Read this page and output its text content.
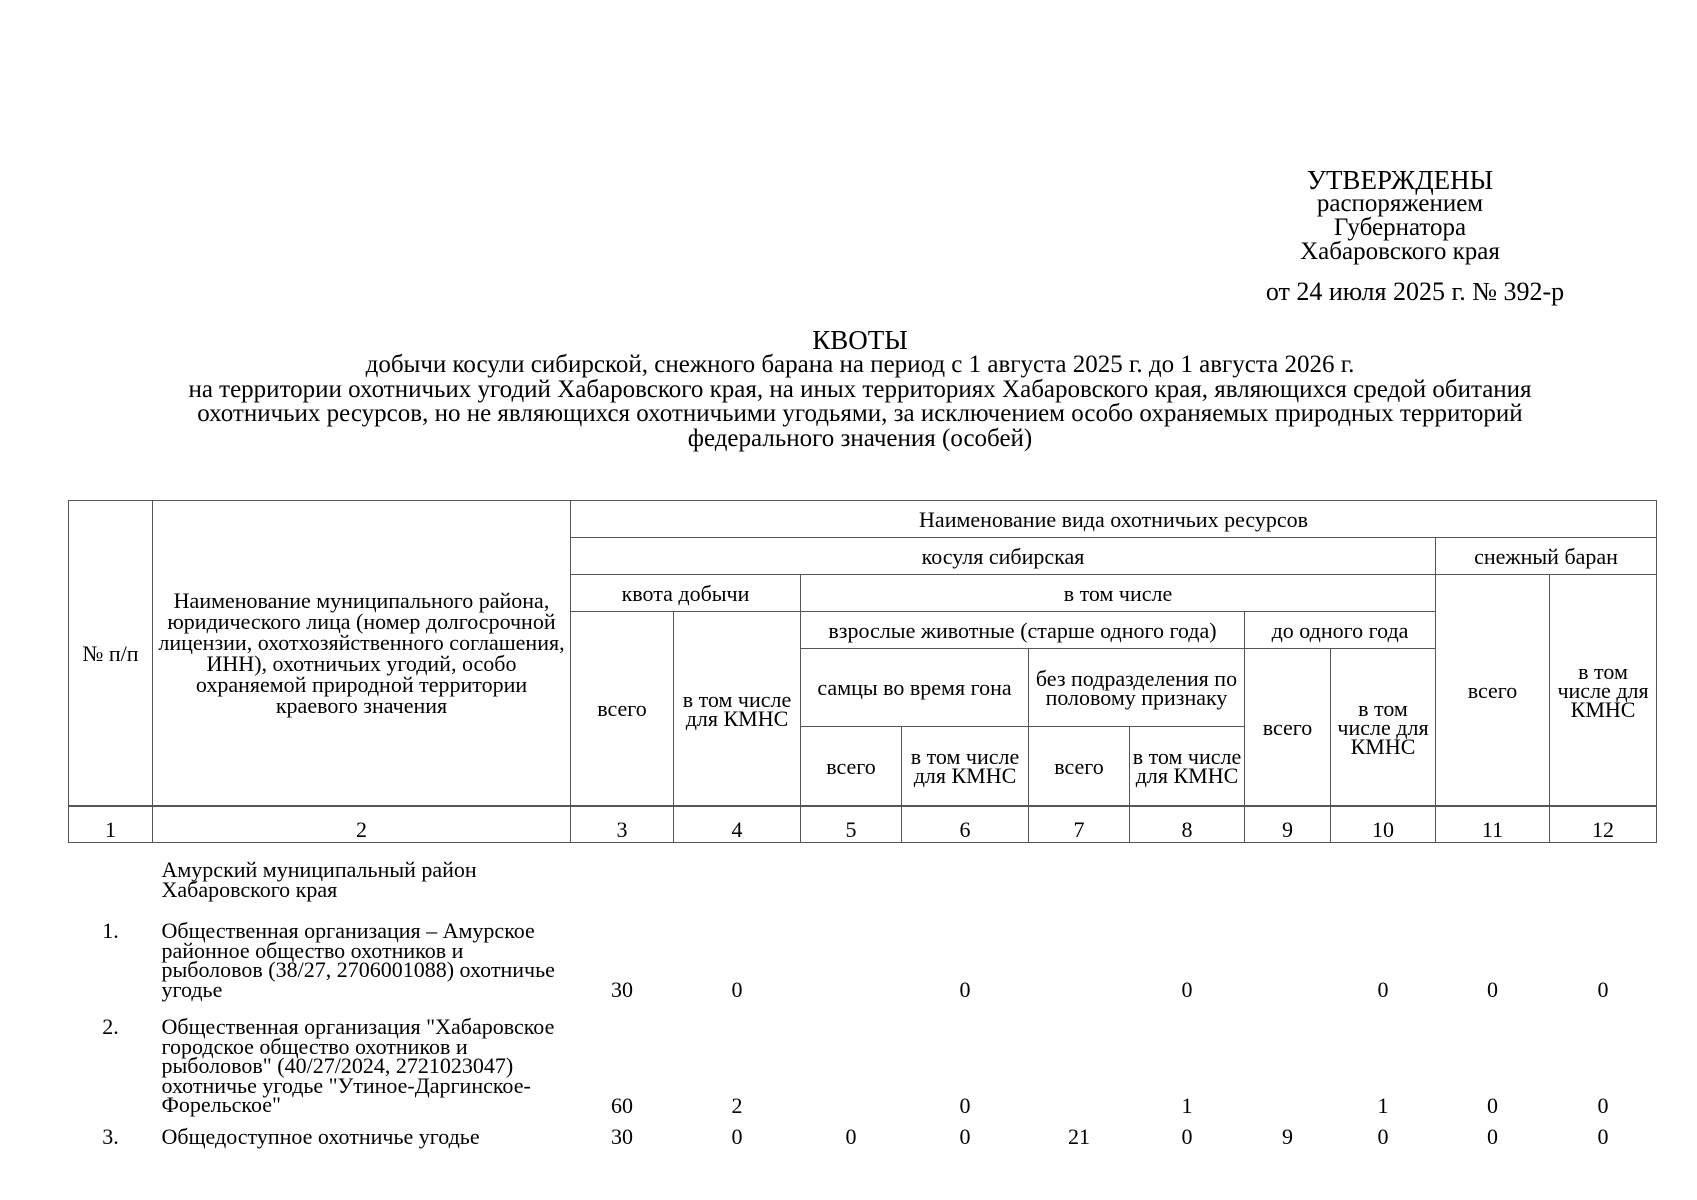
УТВЕРЖДЕНЫ
распоряжением
Губернатора
Хабаровского края
от 24 июля 2025 г. № 392-р
КВОТЫ
добычи косули сибирской, снежного барана на период с 1 августа 2025 г. до 1 августа 2026 г.
на территории охотничьих угодий Хабаровского края, на иных территориях Хабаровского края, являющихся средой обитания
охотничьих ресурсов, но не являющихся охотничьими угодьями, за исключением особо охраняемых природных территорий
федерального значения (особей)
№ п/п	Наименование муниципального района, юридического лица (номер долгосрочной лицензии, охотхозяйственного соглашения, ИНН), охотничьих угодий, особо охраняемой природной территории краевого значения	Наименование вида охотничьих ресурсов									
		косуля сибирская								снежный баран	
		квота добычи		в том числе						всего	в том числе для КМНС
		всего	в том числе для КМНС	взрослые животные (старше одного года)				до одного года			
				самцы во время гона		без подразделения по половому признаку		всего	в том числе для КМНС		
				всего	в том числе для КМНС	всего	в том числе для КМНС				
1	2	3	4	5	6	7	8	9	10	11	12
	Амурский муниципальный район Хабаровского края										
1.	Общественная организация – Амурское районное общество охотников и рыболовов (38/27, 2706001088) охотничье угодье	30	0		0		0		0	0	0
2.	Общественная организация "Хабаровское городское общество охотников и рыболовов" (40/27/2024, 2721023047) охотничье угодье "Утиное-Даргинское-Форельское"	60	2		0		1		1	0	0
3.	Общедоступное охотничье угодье	30	0	0	0	21	0	9	0	0	0
